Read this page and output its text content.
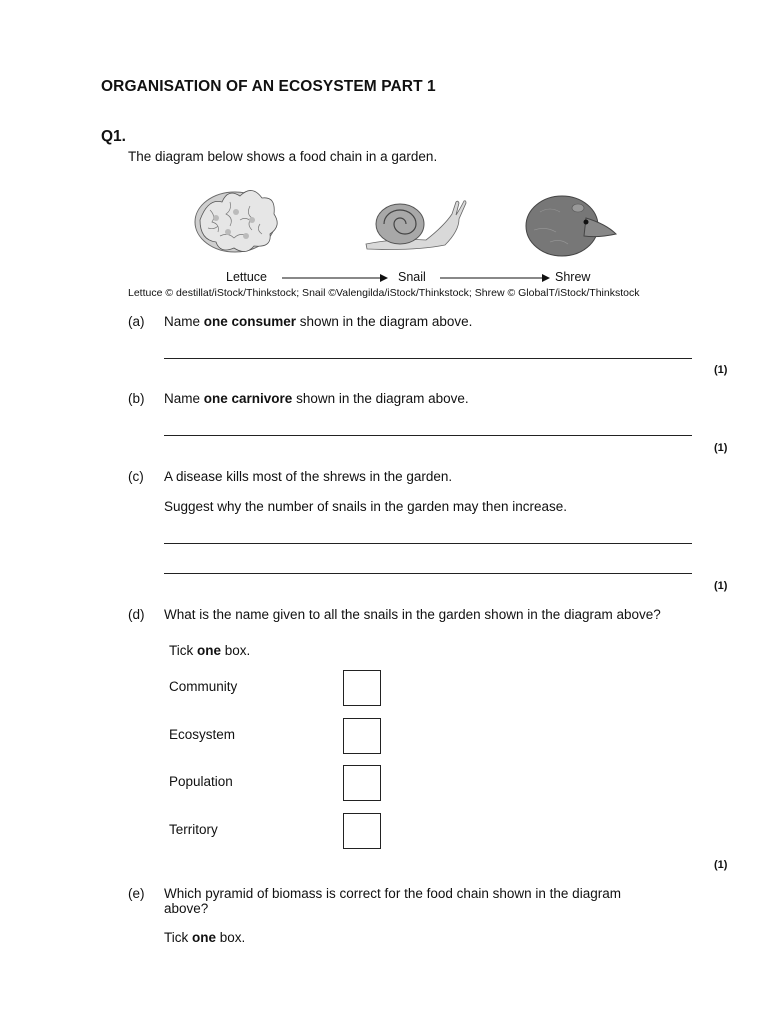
ORGANISATION OF AN ECOSYSTEM PART 1
Q1.
The diagram below shows a food chain in a garden.
Lettuce	Snail	Shrew
Lettuce © destillat/iStock/Thinkstock; Snail ©Valengilda/iStock/Thinkstock; Shrew © GlobalT/iStock/Thinkstock
(a) Name one consumer shown in the diagram above.
(1)
(b) Name one carnivore shown in the diagram above.
(1)
(c) A disease kills most of the shrews in the garden.
Suggest why the number of snails in the garden may then increase.
(1)
(d) What is the name given to all the snails in the garden shown in the diagram above?
Tick one box.
Community
Ecosystem
Population
Territory
(1)
(e) Which pyramid of biomass is correct for the food chain shown in the diagram
above?
Tick one box.
